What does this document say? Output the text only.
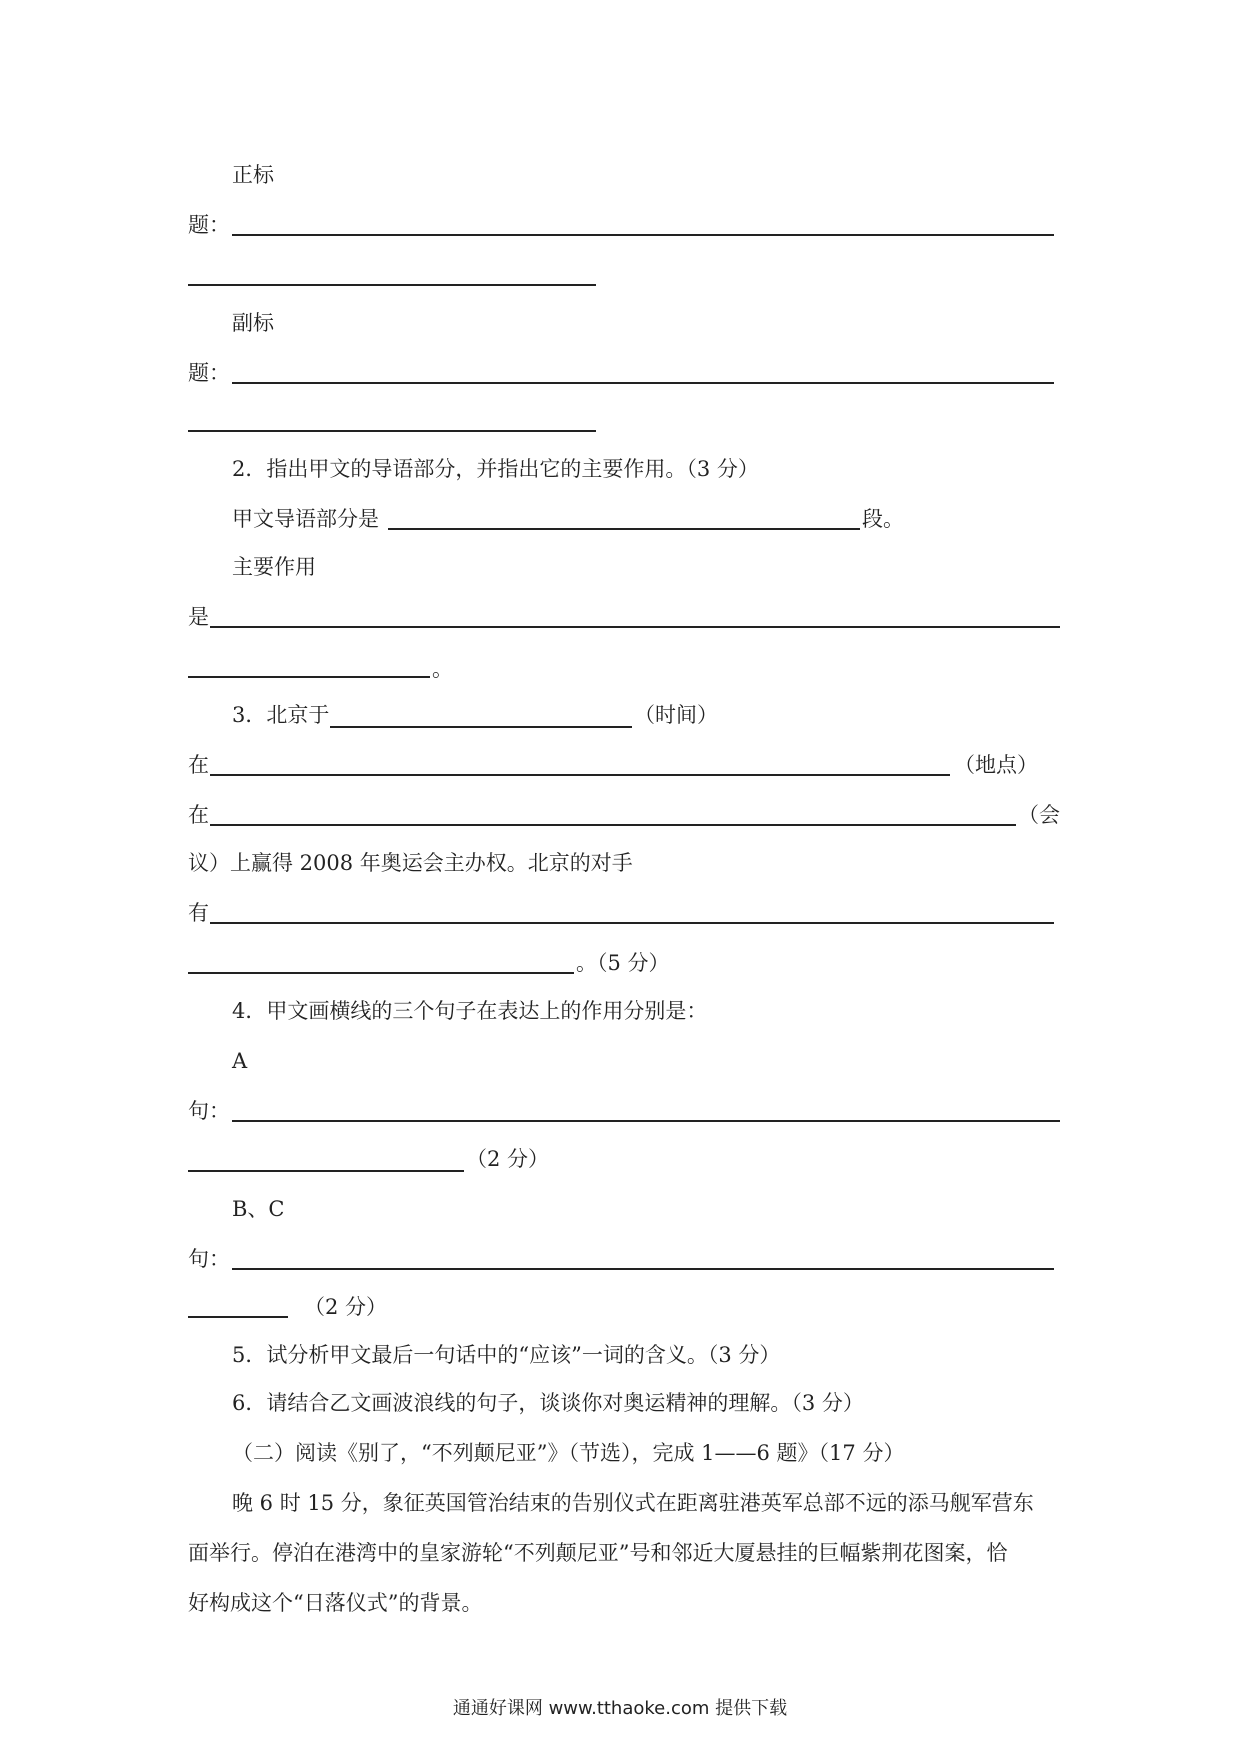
正标
题：
副标
题：
2．指出甲文的导语部分，并指出它的主要作用。（3 分）
甲文导语部分是	段。
主要作用
是
。
3．北京于	（时间）
在	（地点）
在	（会
议）上赢得 2008 年奥运会主办权。北京的对手
有
。（5 分）
4．甲文画横线的三个句子在表达上的作用分别是：
A
句：
（2 分）
B、C
句：
（2 分）
5．试分析甲文最后一句话中的“应该”一词的含义。（3 分）
6．请结合乙文画波浪线的句子，谈谈你对奥运精神的理解。（3 分）
（二）阅读《别了，“不列颠尼亚”》（节选），完成 1——6 题》（17 分）
晚 6 时 15 分，象征英国管治结束的告别仪式在距离驻港英军总部不远的添马舰军营东
面举行。停泊在港湾中的皇家游轮“不列颠尼亚”号和邻近大厦悬挂的巨幅紫荆花图案，恰
好构成这个“日落仪式”的背景。
通通好课网 www.tthaoke.com 提供下载
